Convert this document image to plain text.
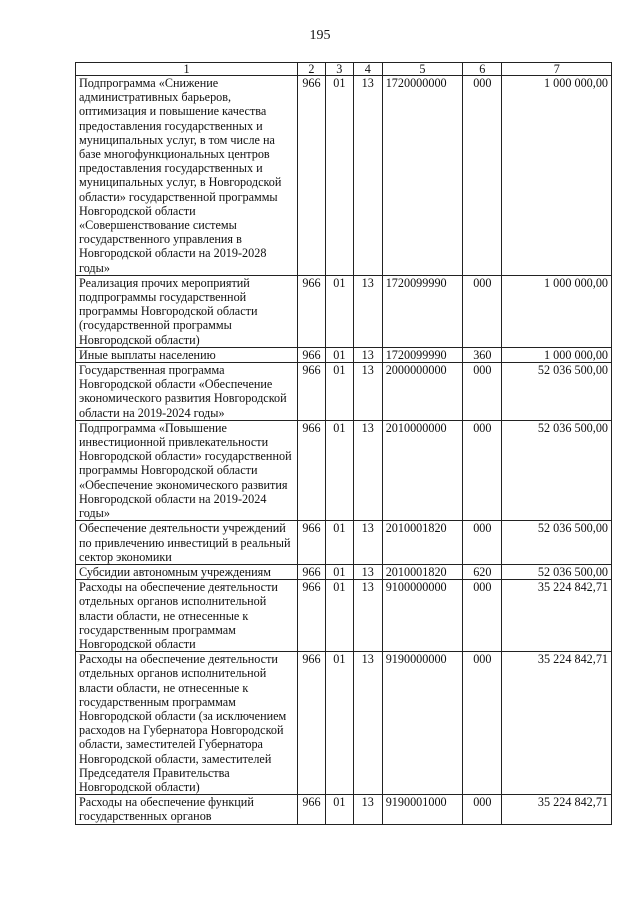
195
1	2	3	4	5	6	7
Подпрограмма «Снижение административных барьеров, оптимизация и повышение качества предоставления государственных и муниципальных услуг, в том числе на базе многофункциональных центров предоставления государственных и муниципальных услуг, в Новгородской области» государственной программы Новгородской области «Совершенствование системы государственного управления в Новгородской области на 2019-2028 годы»	966	01	13	1720000000	000	1 000 000,00
Реализация прочих мероприятий подпрограммы государственной программы Новгородской области (государственной программы Новгородской области)	966	01	13	1720099990	000	1 000 000,00
Иные выплаты населению	966	01	13	1720099990	360	1 000 000,00
Государственная программа Новгородской области «Обеспечение экономического развития Новгородской области на 2019-2024 годы»	966	01	13	2000000000	000	52 036 500,00
Подпрограмма «Повышение инвестиционной привлекательности Новгородской области» государственной программы Новгородской области «Обеспечение экономического развития Новгородской области на 2019-2024 годы»	966	01	13	2010000000	000	52 036 500,00
Обеспечение деятельности учреждений по привлечению инвестиций в реальный сектор экономики	966	01	13	2010001820	000	52 036 500,00
Субсидии автономным учреждениям	966	01	13	2010001820	620	52 036 500,00
Расходы на обеспечение деятельности отдельных органов исполнительной власти области, не отнесенные к государственным программам Новгородской области	966	01	13	9100000000	000	35 224 842,71
Расходы на обеспечение деятельности отдельных органов исполнительной власти области, не отнесенные к государственным программам Новгородской области (за исключением расходов на Губернатора Новгородской области, заместителей Губернатора Новгородской области, заместителей Председателя Правительства Новгородской области)	966	01	13	9190000000	000	35 224 842,71
Расходы на обеспечение функций государственных органов	966	01	13	9190001000	000	35 224 842,71
